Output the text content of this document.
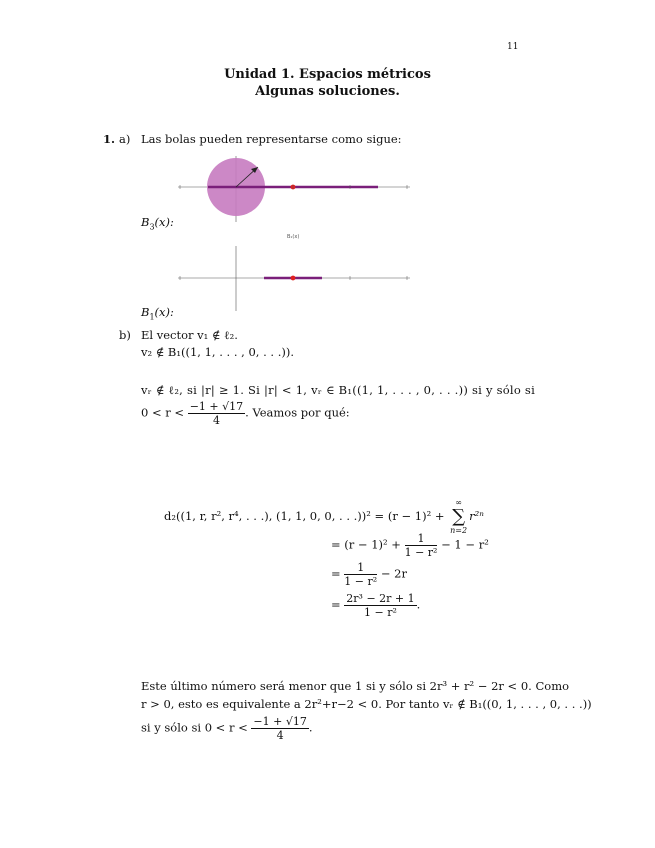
11
Unidad 1. Espacios métricos
Algunas soluciones.
1. a) Las bolas pueden representarse como sigue:
$B_3(x)$:
B₁(x)
$B_1(x)$:
b) El vector v₁ ∉ ℓ₂.
v₂ ∉ B₁((1, 1, . . . , 0, . . .)).
vᵣ ∉ ℓ₂, si |r| ≥ 1. Si |r| < 1, vᵣ ∈ B₁((1, 1, . . . , 0, . . .)) si y sólo si
$0 < r < \frac{-1 + √17}{4}$ . Veamos por qué:
d₂((1, r, r², r⁴, . . .), (1, 1, 0, 0, . . .))² = (r − 1)² +
∞
∑
n=2
r²ⁿ
= $(r - 1)^2 + \frac{1}{\text{1 − r²}} - 1 - r^2$
= $\frac{1}{\text{1 − r²}} - 2r$
= $\frac{\text{2r³ − 2r + 1}}{\text{1 − r²}}$ .
Este último número será menor que 1 si y sólo si 2r³ + r² − 2r < 0. Como
r > 0, esto es equivalente a 2r²+r−2 < 0. Por tanto vᵣ ∉ B₁((0, 1, . . . , 0, . . .))
si y sólo si $0 < r < \frac{-1 + √17}{4}$ .
